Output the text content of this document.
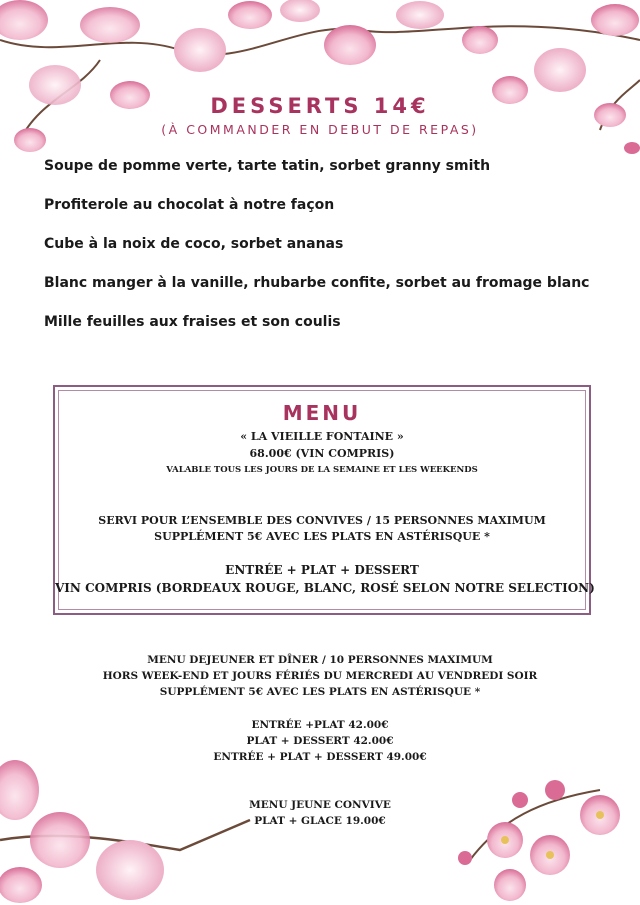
DESSERTS 14€
(À COMMANDER EN DEBUT DE REPAS)
Soupe de pomme verte, tarte tatin, sorbet granny smith
Profiterole au chocolat à notre façon
Cube à la noix de coco, sorbet ananas
Blanc manger à la vanille, rhubarbe confite, sorbet au fromage blanc
Mille feuilles aux fraises et son coulis
MENU
« LA VIEILLE FONTAINE »
68.00€ (VIN COMPRIS)
VALABLE TOUS LES JOURS DE LA SEMAINE ET LES WEEKENDS
SERVI POUR L’ENSEMBLE DES CONVIVES / 15 PERSONNES MAXIMUM
SUPPLÉMENT 5€ AVEC LES PLATS EN ASTÉRISQUE *
ENTRÉE + PLAT + DESSERT
VIN COMPRIS (BORDEAUX ROUGE, BLANC, ROSÉ SELON NOTRE SELECTION)
MENU DEJEUNER ET DÎNER / 10 PERSONNES MAXIMUM
HORS WEEK-END ET JOURS FÉRIÉS DU MERCREDI AU VENDREDI SOIR
SUPPLÉMENT 5€ AVEC LES PLATS EN ASTÉRISQUE *
ENTRÉE +PLAT 42.00€
PLAT + DESSERT 42.00€
ENTRÉE + PLAT + DESSERT 49.00€
MENU JEUNE CONVIVE
PLAT + GLACE 19.00€
